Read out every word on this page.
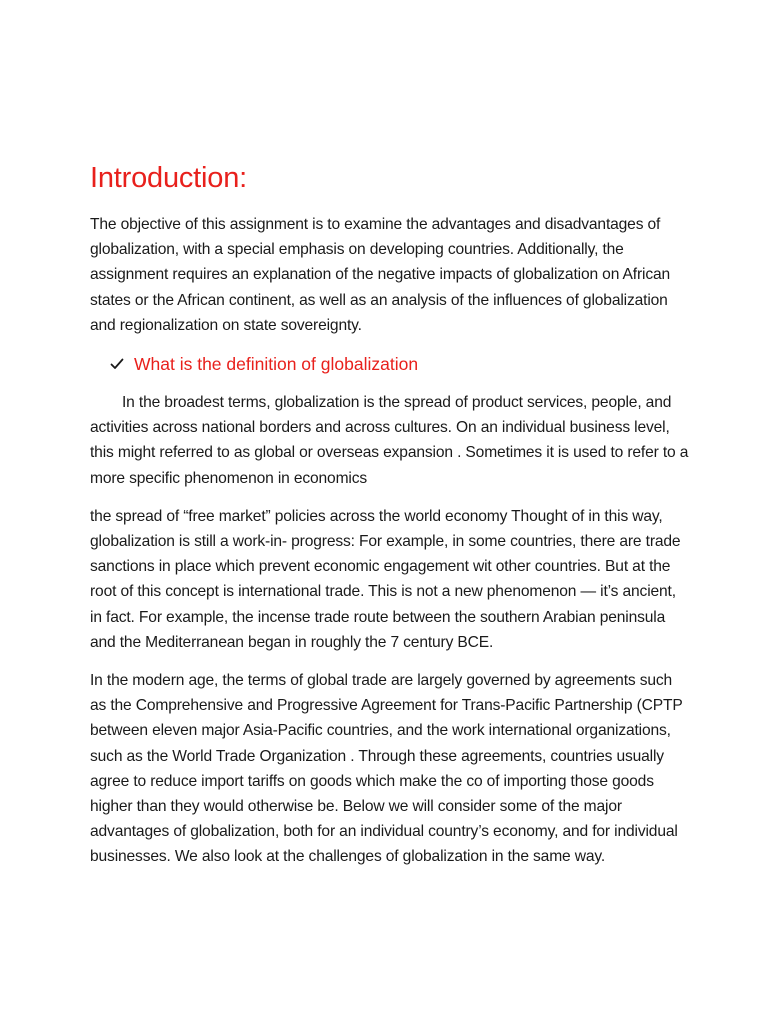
Introduction:

The objective of this assignment is to examine the advantages and disadvantages of globalization, with a special emphasis on developing countries. Additionally, the assignment requires an explanation of the negative impacts of globalization on African states or the African continent, as well as an analysis of the influences of globalization and regionalization on state sovereignty.

What is the definition of globalization

In the broadest terms, globalization is the spread of product services, people, and activities across national borders and across cultures. On an individual business level, this might referred to as global or overseas expansion . Sometimes it is used to refer to a more specific phenomenon in economics

the spread of “free market” policies across the world economy Thought of in this way, globalization is still a work-in- progress: For example, in some countries, there are trade sanctions in place which prevent economic engagement wit other countries. But at the root of this concept is international trade. This is not a new phenomenon — it’s ancient, in fact. For example, the incense trade route between the southern Arabian peninsula and the Mediterranean began in roughly the 7 century BCE.

In the modern age, the terms of global trade are largely governed by agreements such as the Comprehensive and Progressive Agreement for Trans-Pacific Partnership (CPTP between eleven major Asia-Pacific countries, and the work international organizations, such as the World Trade Organization . Through these agreements, countries usually agree to reduce import tariffs on goods which make the co of importing those goods higher than they would otherwise be. Below we will consider some of the major advantages of globalization, both for an individual country’s economy, and for individual businesses. We also look at the challenges of globalization in the same way.
